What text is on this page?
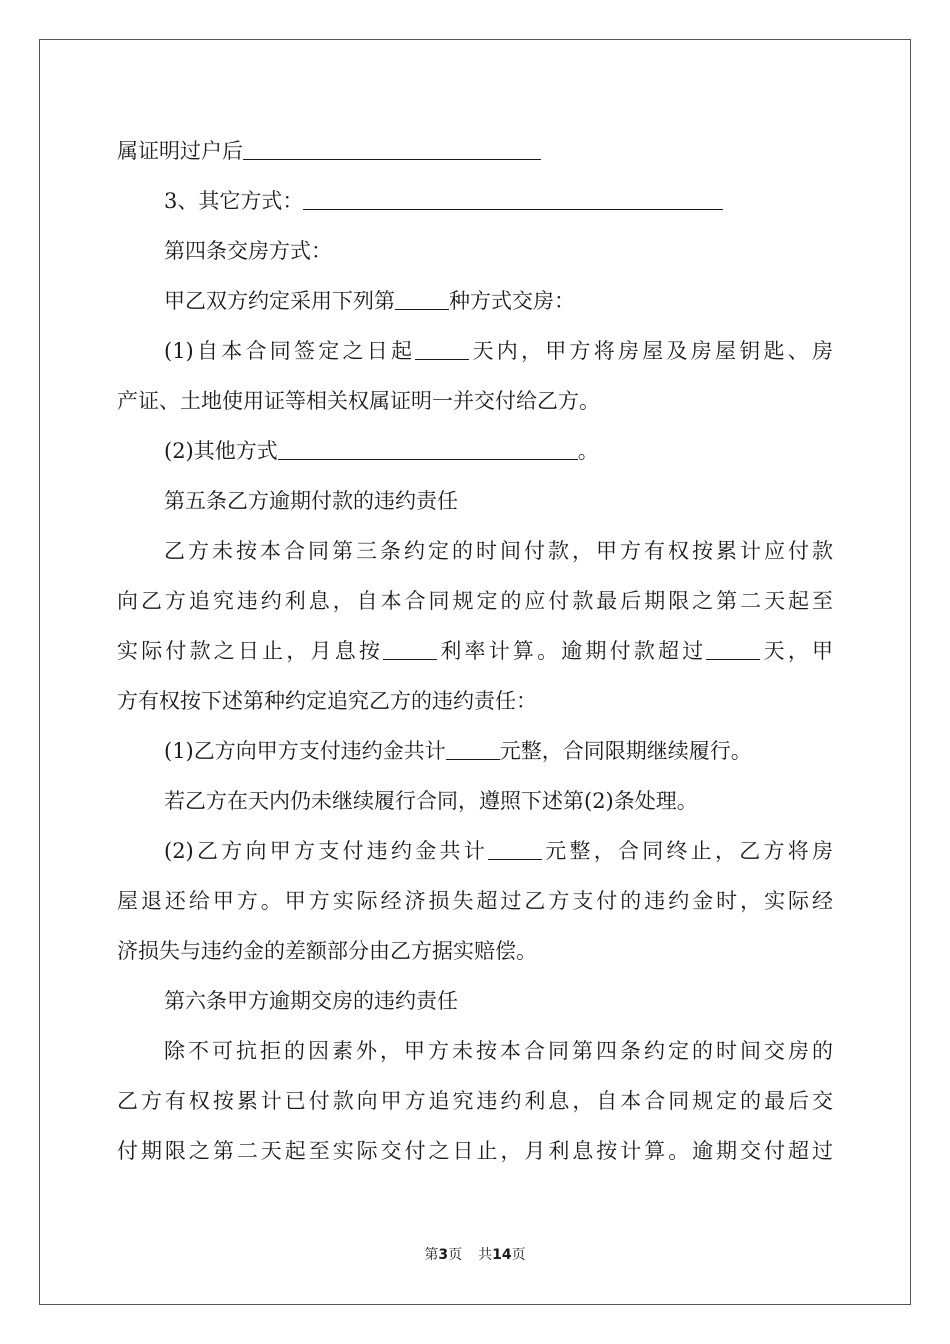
属证明过户后
3、其它方式：
第四条交房方式：
甲乙双方约定采用下列第	种方式交房：
(1)自本合同签定之日起	天内，甲方将房屋及房屋钥匙、房
产证、土地使用证等相关权属证明一并交付给乙方。
(2)其他方式	。
第五条乙方逾期付款的违约责任
乙方未按本合同第三条约定的时间付款，甲方有权按累计应付款
向乙方追究违约利息，自本合同规定的应付款最后期限之第二天起至
实际付款之日止，月息按	利率计算。逾期付款超过	天，甲
方有权按下述第种约定追究乙方的违约责任：
(1)乙方向甲方支付违约金共计	元整，合同限期继续履行。
若乙方在天内仍未继续履行合同，遵照下述第(2)条处理。
(2)乙方向甲方支付违约金共计	元整，合同终止，乙方将房
屋退还给甲方。甲方实际经济损失超过乙方支付的违约金时，实际经
济损失与违约金的差额部分由乙方据实赔偿。
第六条甲方逾期交房的违约责任
除不可抗拒的因素外，甲方未按本合同第四条约定的时间交房的
乙方有权按累计已付款向甲方追究违约利息，自本合同规定的最后交
付期限之第二天起至实际交付之日止，月利息按计算。逾期交付超过
第3页 共14页
